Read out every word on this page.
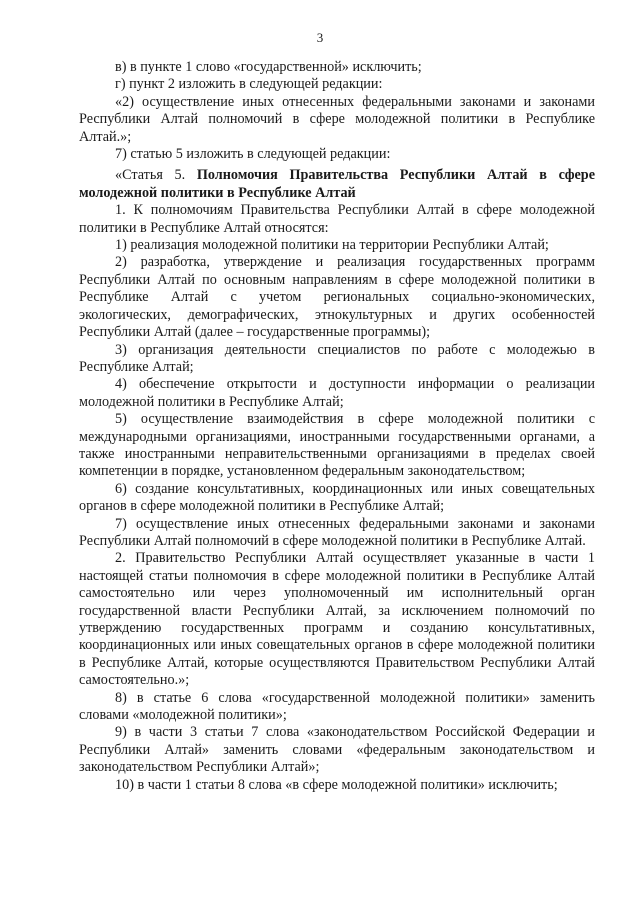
3

в) в пункте 1 слово «государственной» исключить;

г) пункт 2 изложить в следующей редакции:

«2) осуществление иных отнесенных федеральными законами и законами Республики Алтай полномочий в сфере молодежной политики в Республике Алтай.»;

7) статью 5 изложить в следующей редакции:

«Статья 5. Полномочия Правительства Республики Алтай в сфере молодежной политики в Республике Алтай

1. К полномочиям Правительства Республики Алтай в сфере молодежной политики в Республике Алтай относятся:

1) реализация молодежной политики на территории Республики Алтай;

2) разработка, утверждение и реализация государственных программ Республики Алтай по основным направлениям в сфере молодежной политики в Республике Алтай с учетом региональных социально-экономических, экологических, демографических, этнокультурных и других особенностей Республики Алтай (далее – государственные программы);

3) организация деятельности специалистов по работе с молодежью в Республике Алтай;

4) обеспечение открытости и доступности информации о реализации молодежной политики в Республике Алтай;

5) осуществление взаимодействия в сфере молодежной политики с международными организациями, иностранными государственными органами, а также иностранными неправительственными организациями в пределах своей компетенции в порядке, установленном федеральным законодательством;

6) создание консультативных, координационных или иных совещательных органов в сфере молодежной политики в Республике Алтай;

7) осуществление иных отнесенных федеральными законами и законами Республики Алтай полномочий в сфере молодежной политики в Республике Алтай.

2. Правительство Республики Алтай осуществляет указанные в части 1 настоящей статьи полномочия в сфере молодежной политики в Республике Алтай самостоятельно или через уполномоченный им исполнительный орган государственной власти Республики Алтай, за исключением полномочий по утверждению государственных программ и созданию консультативных, координационных или иных совещательных органов в сфере молодежной политики в Республике Алтай, которые осуществляются Правительством Республики Алтай самостоятельно.»;

8) в статье 6 слова «государственной молодежной политики» заменить словами «молодежной политики»;

9) в части 3 статьи 7 слова «законодательством Российской Федерации и Республики Алтай» заменить словами «федеральным законодательством и законодательством Республики Алтай»;

10) в части 1 статьи 8 слова «в сфере молодежной политики» исключить;
